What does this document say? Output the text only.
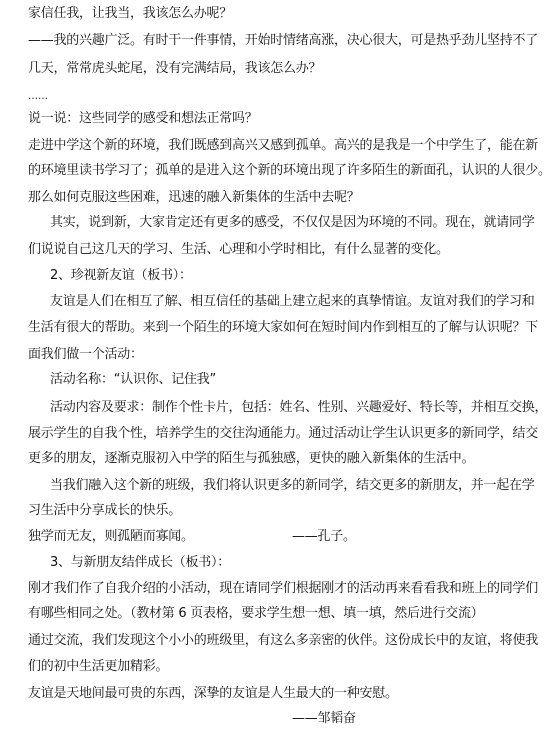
家信任我，让我当，我该怎么办呢？
——我的兴趣广泛。有时干一件事情，开始时情绪高涨，决心很大，可是热乎劲儿坚持不了
几天，常常虎头蛇尾，没有完满结局，我该怎么办？
……
说一说：这些同学的感受和想法正常吗？
走进中学这个新的环境，我们既感到高兴又感到孤单。高兴的是我是一个中学生了，能在新
的环境里读书学习了；孤单的是进入这个新的环境出现了许多陌生的新面孔，认识的人很少。
那么如何克服这些困难，迅速的融入新集体的生活中去呢？
其实，说到新，大家肯定还有更多的感受，不仅仅是因为环境的不同。现在，就请同学
们说说自己这几天的学习、生活、心理和小学时相比，有什么显著的变化。
2、珍视新友谊（板书）：
友谊是人们在相互了解、相互信任的基础上建立起来的真挚情谊。友谊对我们的学习和
生活有很大的帮助。来到一个陌生的环境大家如何在短时间内作到相互的了解与认识呢？下
面我们做一个活动：
活动名称：“认识你、记住我”
活动内容及要求：制作个性卡片，包括：姓名、性别、兴趣爱好、特长等，并相互交换，
展示学生的自我个性，培养学生的交往沟通能力。通过活动让学生认识更多的新同学，结交
更多的朋友，逐渐克服初入中学的陌生与孤独感，更快的融入新集体的生活中。
当我们融入这个新的班级，我们将认识更多的新同学，结交更多的新朋友，并一起在学
习生活中分享成长的快乐。
独学而无友，则孤陋而寡闻。	——孔子。
3、与新朋友结伴成长（板书）：
刚才我们作了自我介绍的小活动，现在请同学们根据刚才的活动再来看看我和班上的同学们
有哪些相同之处。（教材第 6 页表格，要求学生想一想、填一填，然后进行交流）
通过交流，我们发现这个小小的班级里，有这么多亲密的伙伴。这份成长中的友谊，将使我
们的初中生活更加精彩。
友谊是天地间最可贵的东西，深挚的友谊是人生最大的一种安慰。
——邹韬奋
